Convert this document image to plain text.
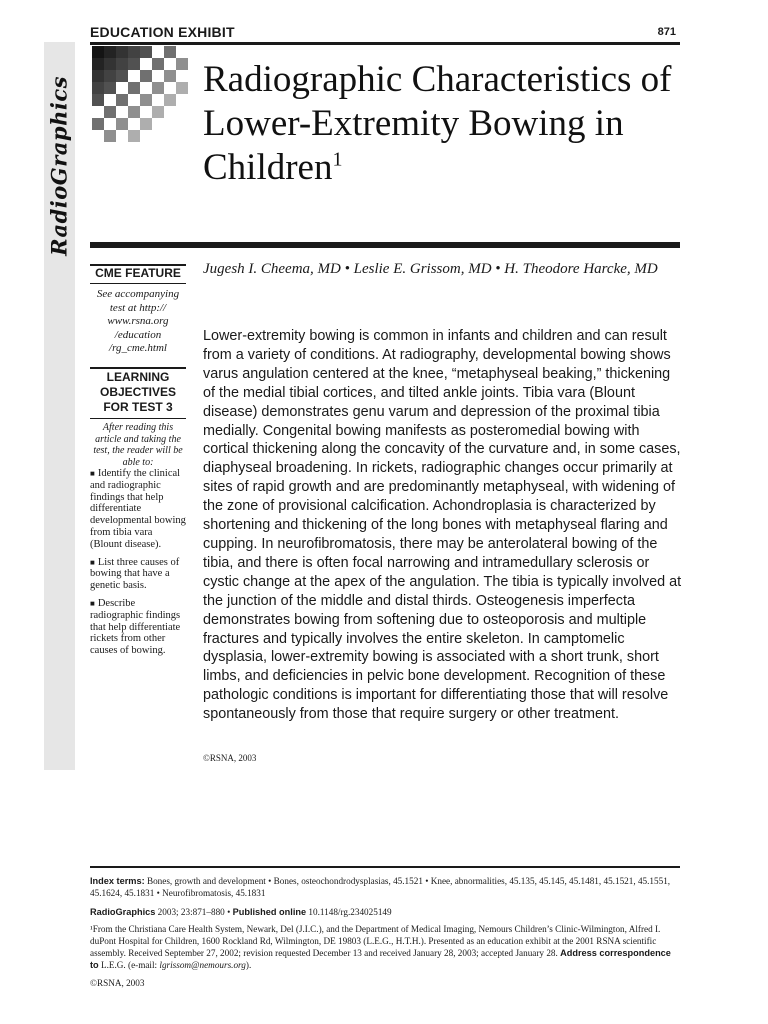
EDUCATION EXHIBIT	871
RadioGraphics	Radiographic Characteristics of Lower-Extremity Bowing in Children$^1$
Jugesh I. Cheema, MD • Leslie E. Grissom, MD • H. Theodore Harcke, MD
CME FEATURE
See accompanying test at http:// www.rsna.org /education /rg_cme.html
LEARNING OBJECTIVES FOR TEST 3
After reading this article and taking the test, the reader will be able to:
■ Identify the clinical and radiographic findings that help differentiate developmental bowing from tibia vara (Blount disease).
■ List three causes of bowing that have a genetic basis.
■ Describe radiographic findings that help differentiate rickets from other causes of bowing.
Lower-extremity bowing is common in infants and children and can result from a variety of conditions. At radiography, developmental bowing shows varus angulation centered at the knee, “metaphyseal beaking,” thickening of the medial tibial cortices, and tilted ankle joints. Tibia vara (Blount disease) demonstrates genu varum and depression of the proximal tibia medially. Congenital bowing manifests as posteromedial bowing with cortical thickening along the concavity of the curvature and, in some cases, diaphyseal broadening. In rickets, radiographic changes occur primarily at sites of rapid growth and are predominantly metaphyseal, with widening of the zone of provisional calcification. Achondroplasia is characterized by shortening and thickening of the long bones with metaphyseal flaring and cupping. In neurofibromatosis, there may be anterolateral bowing of the tibia, and there is often focal narrowing and intramedullary sclerosis or cystic change at the apex of the angulation. The tibia is typically involved at the junction of the middle and distal thirds. Osteogenesis imperfecta demonstrates bowing from softening due to osteoporosis and multiple fractures and typically involves the entire skeleton. In camptomelic dysplasia, lower-extremity bowing is associated with a short trunk, short limbs, and deficiencies in pelvic bone development. Recognition of these pathologic conditions is important for differentiating those that will resolve spontaneously from those that require surgery or other treatment.
©RSNA, 2003
Index terms: Bones, growth and development • Bones, osteochondrodysplasias, 45.1521 • Knee, abnormalities, 45.135, 45.145, 45.1481, 45.1521, 45.1551, 45.1624, 45.1831 • Neurofibromatosis, 45.1831
RadioGraphics 2003; 23:871–880 • Published online 10.1148/rg.234025149
¹From the Christiana Care Health System, Newark, Del (J.I.C.), and the Department of Medical Imaging, Nemours Children’s Clinic-Wilmington, Alfred I. duPont Hospital for Children, 1600 Rockland Rd, Wilmington, DE 19803 (L.E.G., H.T.H.). Presented as an education exhibit at the 2001 RSNA scientific assembly. Received September 27, 2002; revision requested December 13 and received January 28, 2003; accepted January 28. Address correspondence to L.E.G. (e-mail: lgrissom@nemours.org).
©RSNA, 2003
